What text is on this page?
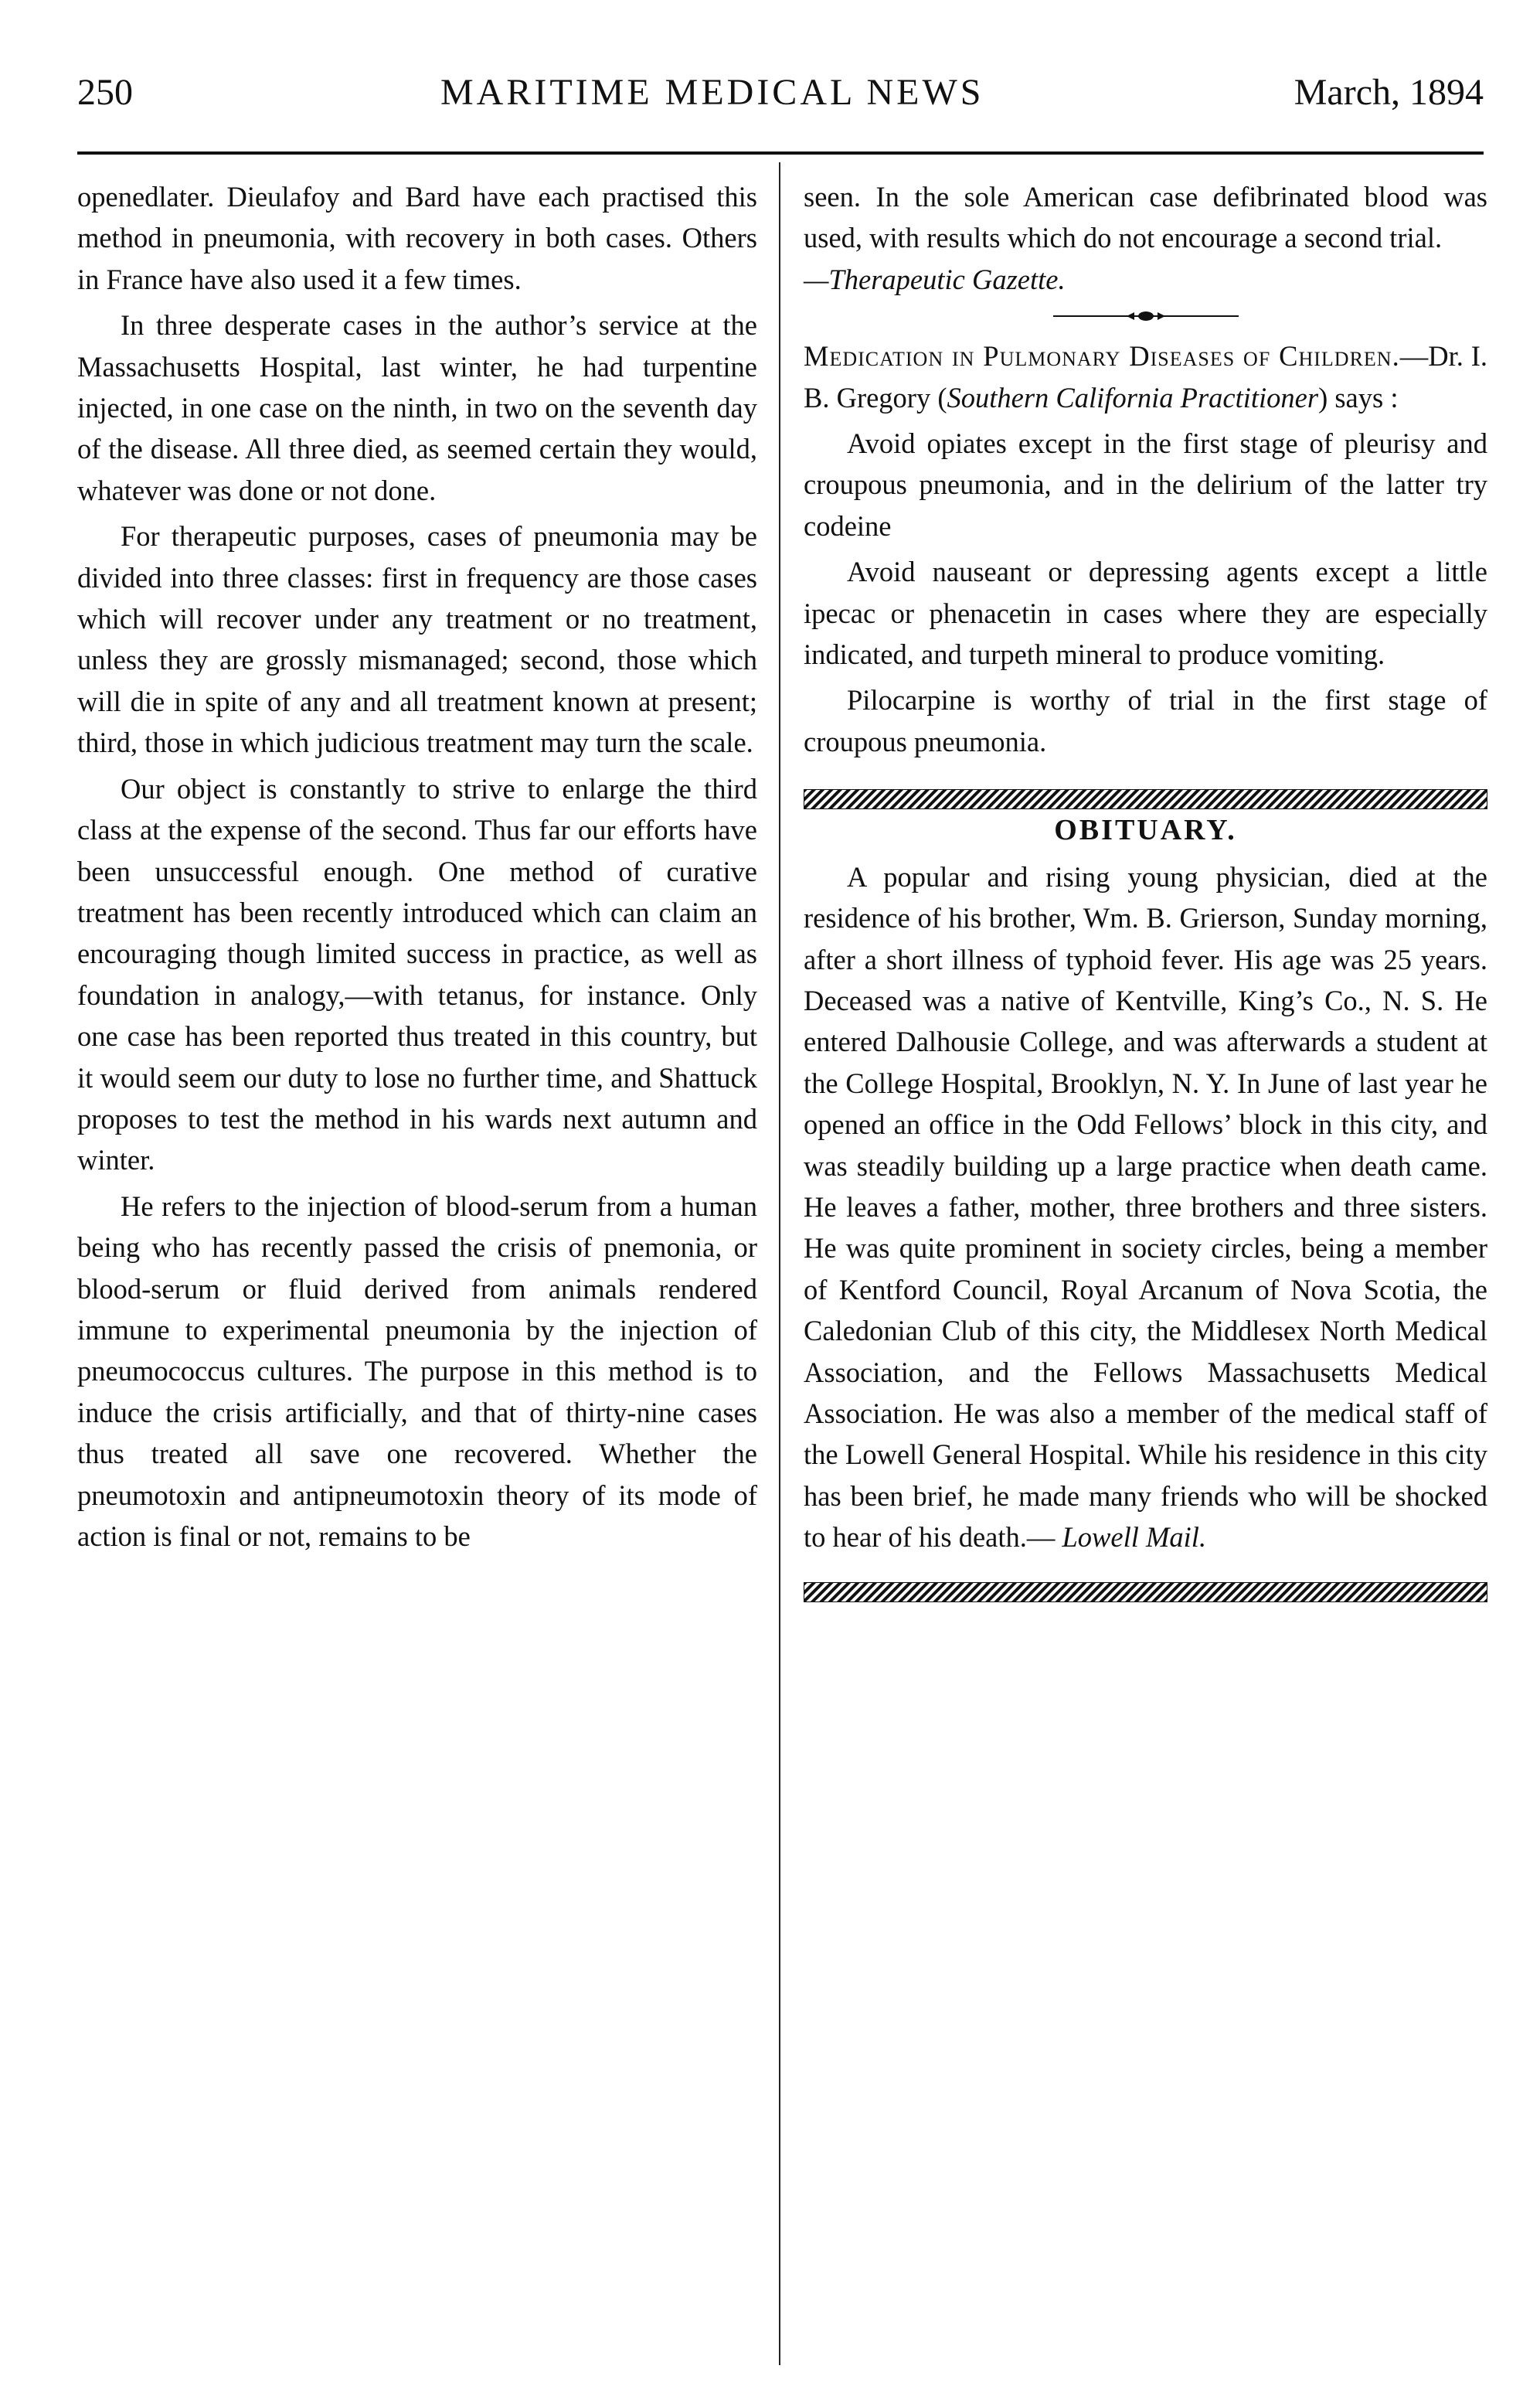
250	MARITIME MEDICAL NEWS	March, 1894

openedlater. Dieulafoy and Bard have each practised this method in pneumonia, with recovery in both cases. Others in France have also used it a few times.

In three desperate cases in the author’s service at the Massachusetts Hospital, last winter, he had turpentine injected, in one case on the ninth, in two on the seventh day of the disease. All three died, as seemed certain they would, whatever was done or not done.

For therapeutic purposes, cases of pneumonia may be divided into three classes: first in frequency are those cases which will recover under any treatment or no treatment, unless they are grossly mismanaged; second, those which will die in spite of any and all treatment known at present; third, those in which judicious treatment may turn the scale.

Our object is constantly to strive to enlarge the third class at the expense of the second. Thus far our efforts have been unsuccessful enough. One method of curative treatment has been recently introduced which can claim an encouraging though limited success in practice, as well as foundation in analogy,—with tetanus, for instance. Only one case has been reported thus treated in this country, but it would seem our duty to lose no further time, and Shattuck proposes to test the method in his wards next autumn and winter.

He refers to the injection of blood-serum from a human being who has recently passed the crisis of pnemonia, or blood-serum or fluid derived from animals rendered immune to experimental pneumonia by the injection of pneumococcus cultures. The purpose in this method is to induce the crisis artificially, and that of thirty-nine cases thus treated all save one recovered. Whether the pneumotoxin and antipneumotoxin theory of its mode of action is final or not, remains to be

seen. In the sole American case defibrinated blood was used, with results which do not encourage a second trial.
—Therapeutic Gazette.

Medication in Pulmonary Diseases of Children.—Dr. I. B. Gregory (Southern California Practitioner) says :

Avoid opiates except in the first stage of pleurisy and croupous pneumonia, and in the delirium of the latter try codeine

Avoid nauseant or depressing agents except a little ipecac or phenacetin in cases where they are especially indicated, and turpeth mineral to produce vomiting.

Pilocarpine is worthy of trial in the first stage of croupous pneumonia.

OBITUARY.

A popular and rising young physician, died at the residence of his brother, Wm. B. Grierson, Sunday morning, after a short illness of typhoid fever. His age was 25 years. Deceased was a native of Kentville, King’s Co., N. S. He entered Dalhousie College, and was afterwards a student at the College Hospital, Brooklyn, N. Y. In June of last year he opened an office in the Odd Fellows’ block in this city, and was steadily building up a large practice when death came. He leaves a father, mother, three brothers and three sisters. He was quite prominent in society circles, being a member of Kentford Council, Royal Arcanum of Nova Scotia, the Caledonian Club of this city, the Middlesex North Medical Association, and the Fellows Massachusetts Medical Association. He was also a member of the medical staff of the Lowell General Hospital. While his residence in this city has been brief, he made many friends who will be shocked to hear of his death.— Lowell Mail.
